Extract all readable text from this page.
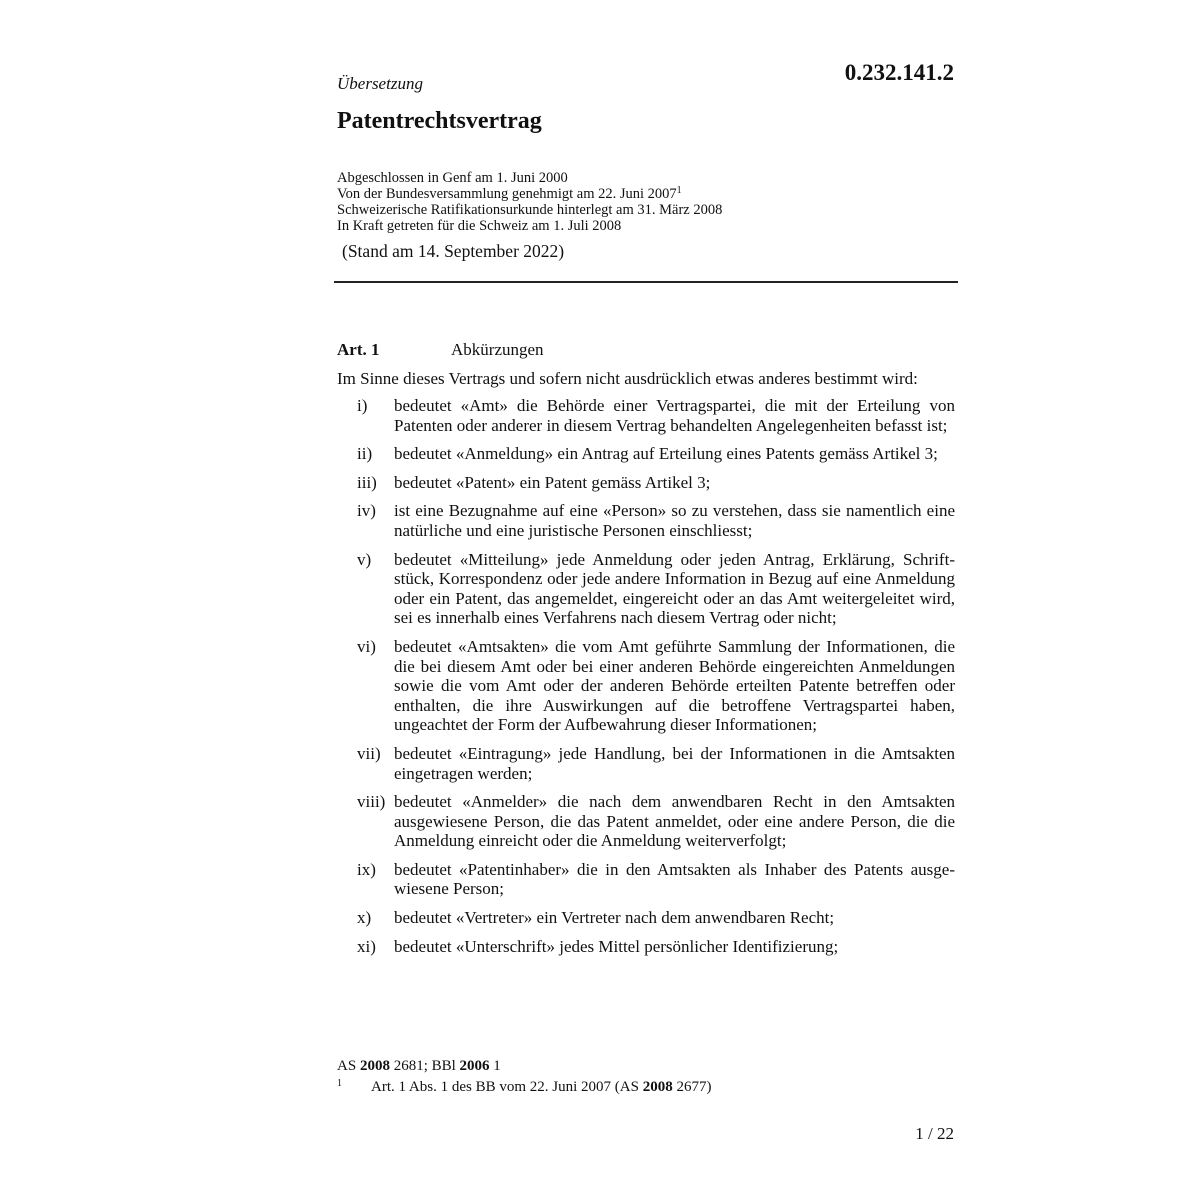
Übersetzung	0.232.141.2
Patentrechtsvertrag
Abgeschlossen in Genf am 1. Juni 2000
Von der Bundesversammlung genehmigt am 22. Juni 2007$^1$
Schweizerische Ratifikationsurkunde hinterlegt am 31. März 2008
In Kraft getreten für die Schweiz am 1. Juli 2008
(Stand am 14. September 2022)
Art. 1	Abkürzungen
Im Sinne dieses Vertrags und sofern nicht ausdrücklich etwas anderes bestimmt wird:
i)	bedeutet «Amt» die Behörde einer Vertragspartei, die mit der Erteilung von Patenten oder anderer in diesem Vertrag behandelten Angelegenheiten befasst ist;
ii)	bedeutet «Anmeldung» ein Antrag auf Erteilung eines Patents gemäss Artikel 3;
iii)	bedeutet «Patent» ein Patent gemäss Artikel 3;
iv)	ist eine Bezugnahme auf eine «Person» so zu verstehen, dass sie namentlich eine natürliche und eine juristische Personen einschliesst;
v)	bedeutet «Mitteilung» jede Anmeldung oder jeden Antrag, Erklärung, Schriftstück, Korrespondenz oder jede andere Information in Bezug auf eine Anmeldung oder ein Patent, das angemeldet, eingereicht oder an das Amt weitergeleitet wird, sei es innerhalb eines Verfahrens nach diesem Vertrag oder nicht;
vi)	bedeutet «Amtsakten» die vom Amt geführte Sammlung der Informationen, die die bei diesem Amt oder bei einer anderen Behörde eingereichten Anmeldungen sowie die vom Amt oder der anderen Behörde erteilten Patente betreffen oder enthalten, die ihre Auswirkungen auf die betroffene Vertragspartei haben, ungeachtet der Form der Aufbewahrung dieser Informationen;
vii) bedeutet «Eintragung» jede Handlung, bei der Informationen in die Amtsakten eingetragen werden;
viii) bedeutet «Anmelder» die nach dem anwendbaren Recht in den Amtsakten ausgewiesene Person, die das Patent anmeldet, oder eine andere Person, die die Anmeldung einreicht oder die Anmeldung weiterverfolgt;
ix)	bedeutet «Patentinhaber» die in den Amtsakten als Inhaber des Patents ausgewiesene Person;
x)	bedeutet «Vertreter» ein Vertreter nach dem anwendbaren Recht;
xi)	bedeutet «Unterschrift» jedes Mittel persönlicher Identifizierung;
AS 2008 2681; BBl 2006 1
1 Art. 1 Abs. 1 des BB vom 22. Juni 2007 (AS 2008 2677)
1 / 22
